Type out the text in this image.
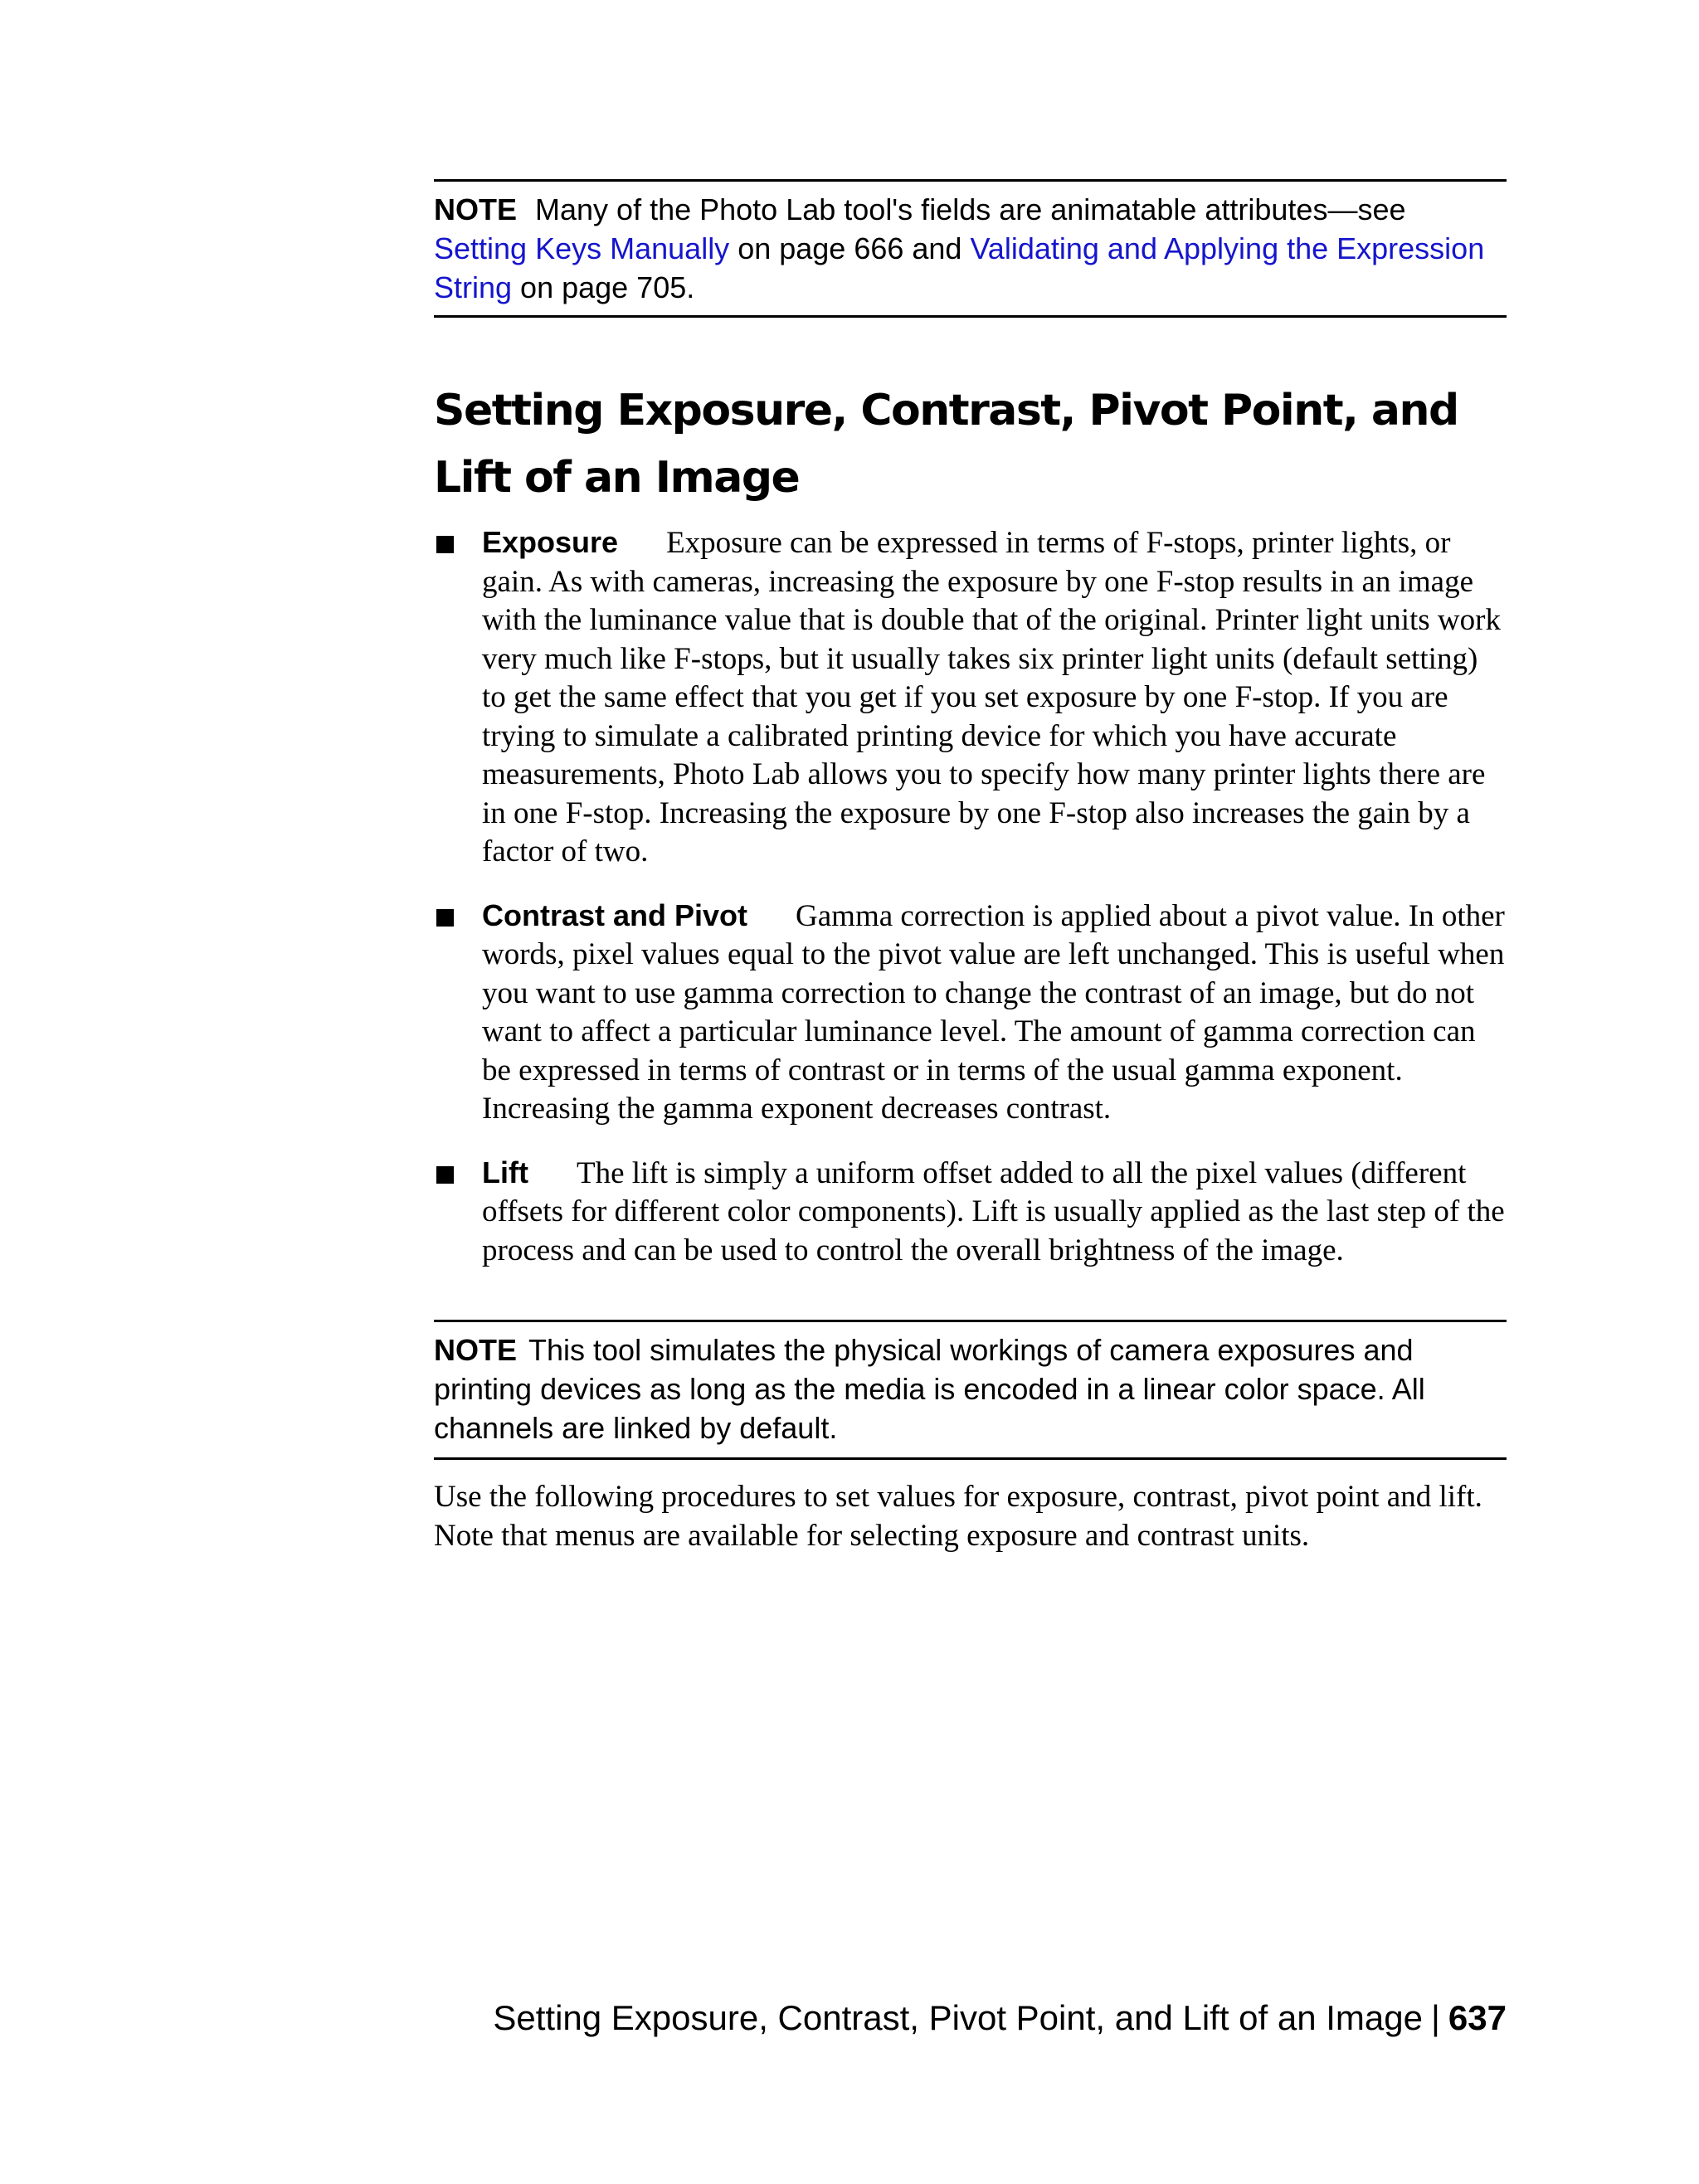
NOTE Many of the Photo Lab tool's fields are animatable attributes—see Setting Keys Manually on page 666 and Validating and Applying the Expression String on page 705.

Setting Exposure, Contrast, Pivot Point, and Lift of an Image
Exposure Exposure can be expressed in terms of F-stops, printer lights, or gain. As with cameras, increasing the exposure by one F-stop results in an image with the luminance value that is double that of the original. Printer light units work very much like F-stops, but it usually takes six printer light units (default setting) to get the same effect that you get if you set exposure by one F-stop. If you are trying to simulate a calibrated printing device for which you have accurate measurements, Photo Lab allows you to specify how many printer lights there are in one F-stop. Increasing the exposure by one F-stop also increases the gain by a factor of two.
Contrast and Pivot Gamma correction is applied about a pivot value. In other words, pixel values equal to the pivot value are left unchanged. This is useful when you want to use gamma correction to change the contrast of an image, but do not want to affect a particular luminance level. The amount of gamma correction can be expressed in terms of contrast or in terms of the usual gamma exponent. Increasing the gamma exponent decreases contrast.
Lift The lift is simply a uniform offset added to all the pixel values (different offsets for different color components). Lift is usually applied as the last step of the process and can be used to control the overall brightness of the image.

NOTE This tool simulates the physical workings of camera exposures and printing devices as long as the media is encoded in a linear color space. All channels are linked by default.

Use the following procedures to set values for exposure, contrast, pivot point and lift. Note that menus are available for selecting exposure and contrast units.

Setting Exposure, Contrast, Pivot Point, and Lift of an Image | 637
